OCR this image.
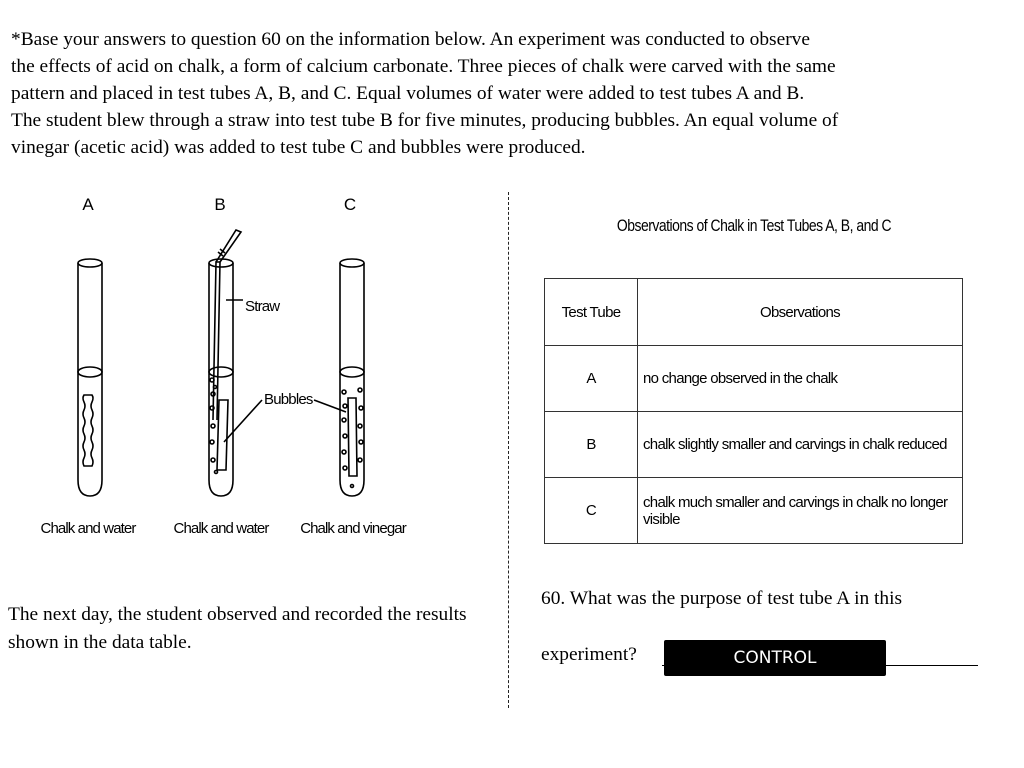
*Base your answers to question 60 on the information below. An experiment was conducted to observe
the effects of acid on chalk, a form of calcium carbonate. Three pieces of chalk were carved with the same
pattern and placed in test tubes A, B, and C. Equal volumes of water were added to test tubes A and B.
The student blew through a straw into test tube B for five minutes, producing bubbles. An equal volume of
vinegar (acetic acid) was added to test tube C and bubbles were produced.
A	B	C
Straw
Bubbles
Chalk and water	Chalk and water Chalk and vinegar
Observations of Chalk in Test Tubes A, B, and C
Test Tube	Observations
A	no change observed in the chalk
B	chalk slightly smaller and carvings in chalk reduced
C	chalk much smaller and carvings in chalk no longer visible
The next day, the student observed and recorded the results shown in the data table.
60. What was the purpose of test tube A in this
experiment?	CONTROL
